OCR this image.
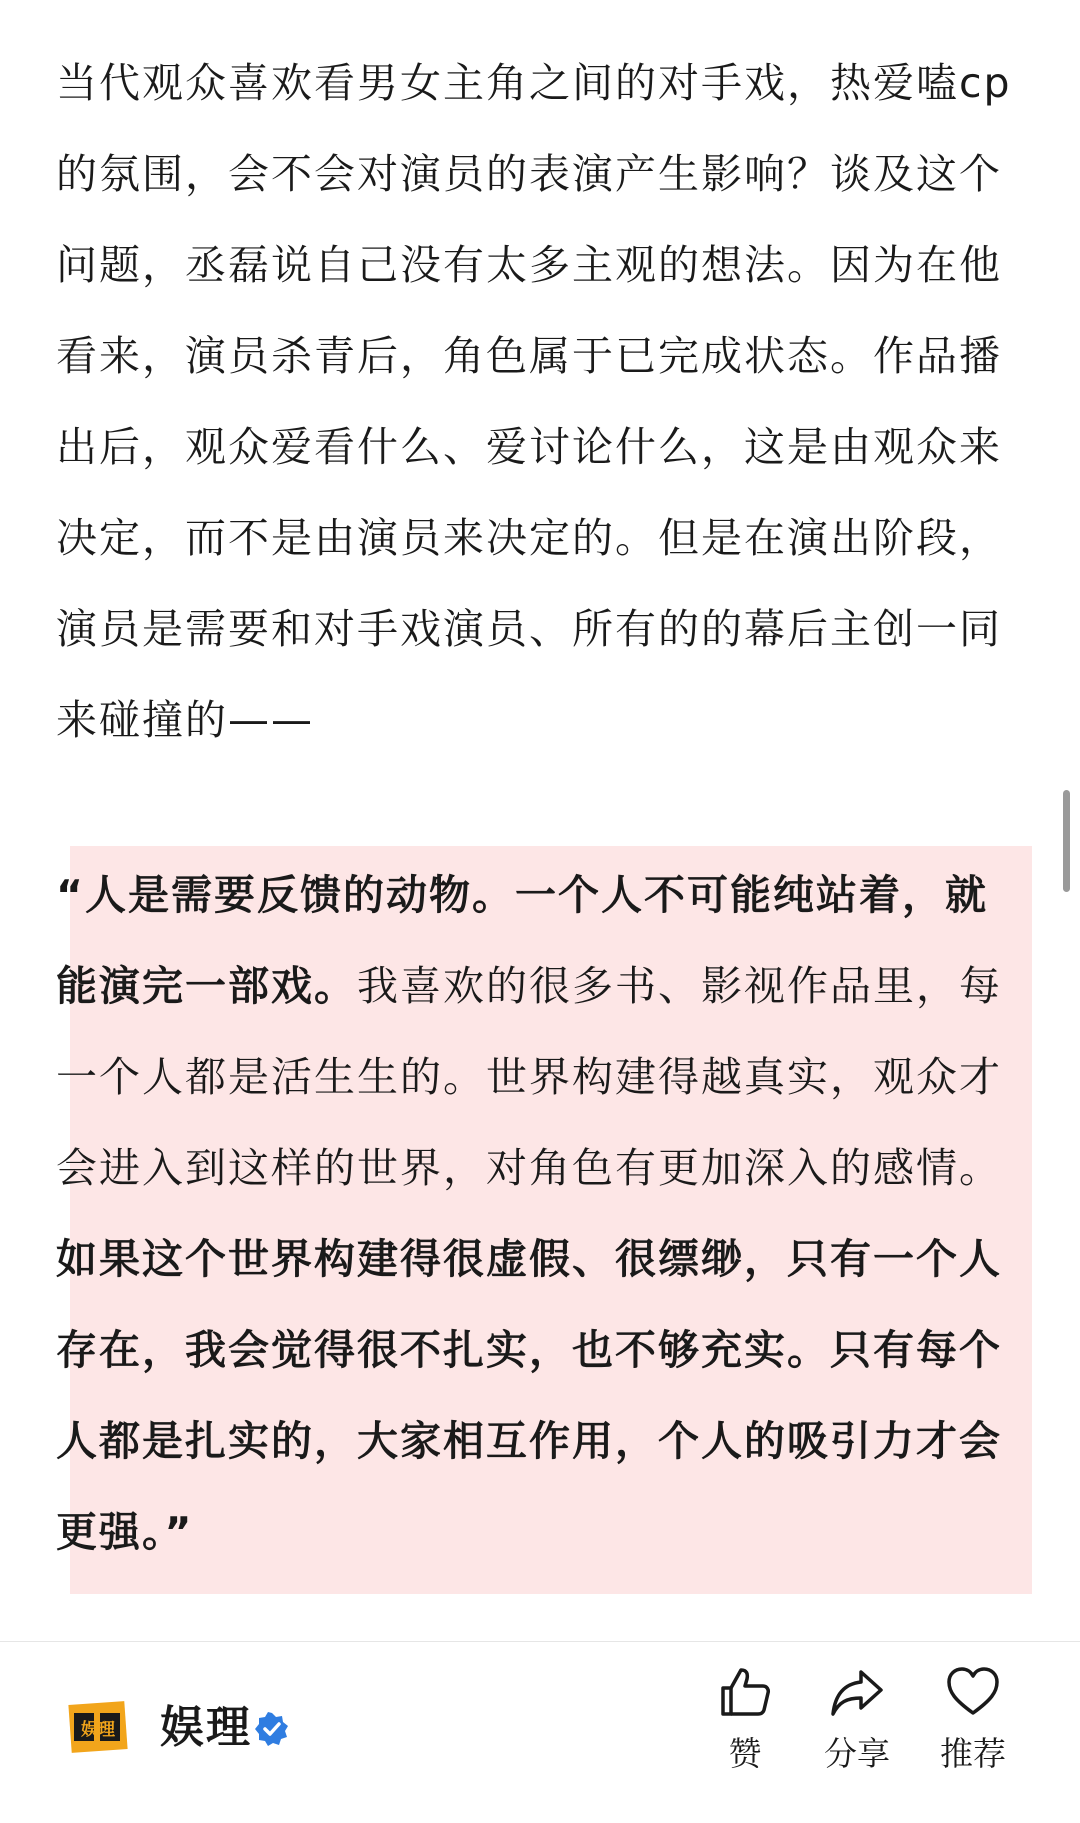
当代观众喜欢看男女主角之间的对手戏，热爱嗑cp的氛围，会不会对演员的表演产生影响？谈及这个问题，丞磊说自己没有太多主观的想法。因为在他看来，演员杀青后，角色属于已完成状态。作品播出后，观众爱看什么、爱讨论什么，这是由观众来决定，而不是由演员来决定的。但是在演出阶段，演员是需要和对手戏演员、所有的的幕后主创一同来碰撞的——

“人是需要反馈的动物。一个人不可能纯站着，就能演完一部戏。我喜欢的很多书、影视作品里，每一个人都是活生生的。世界构建得越真实，观众才会进入到这样的世界，对角色有更加深入的感情。如果这个世界构建得很虚假、很缥缈，只有一个人存在，我会觉得很不扎实，也不够充实。只有每个人都是扎实的，大家相互作用，个人的吸引力才会更强。”

娱理 娱理
赞	分享	推荐
